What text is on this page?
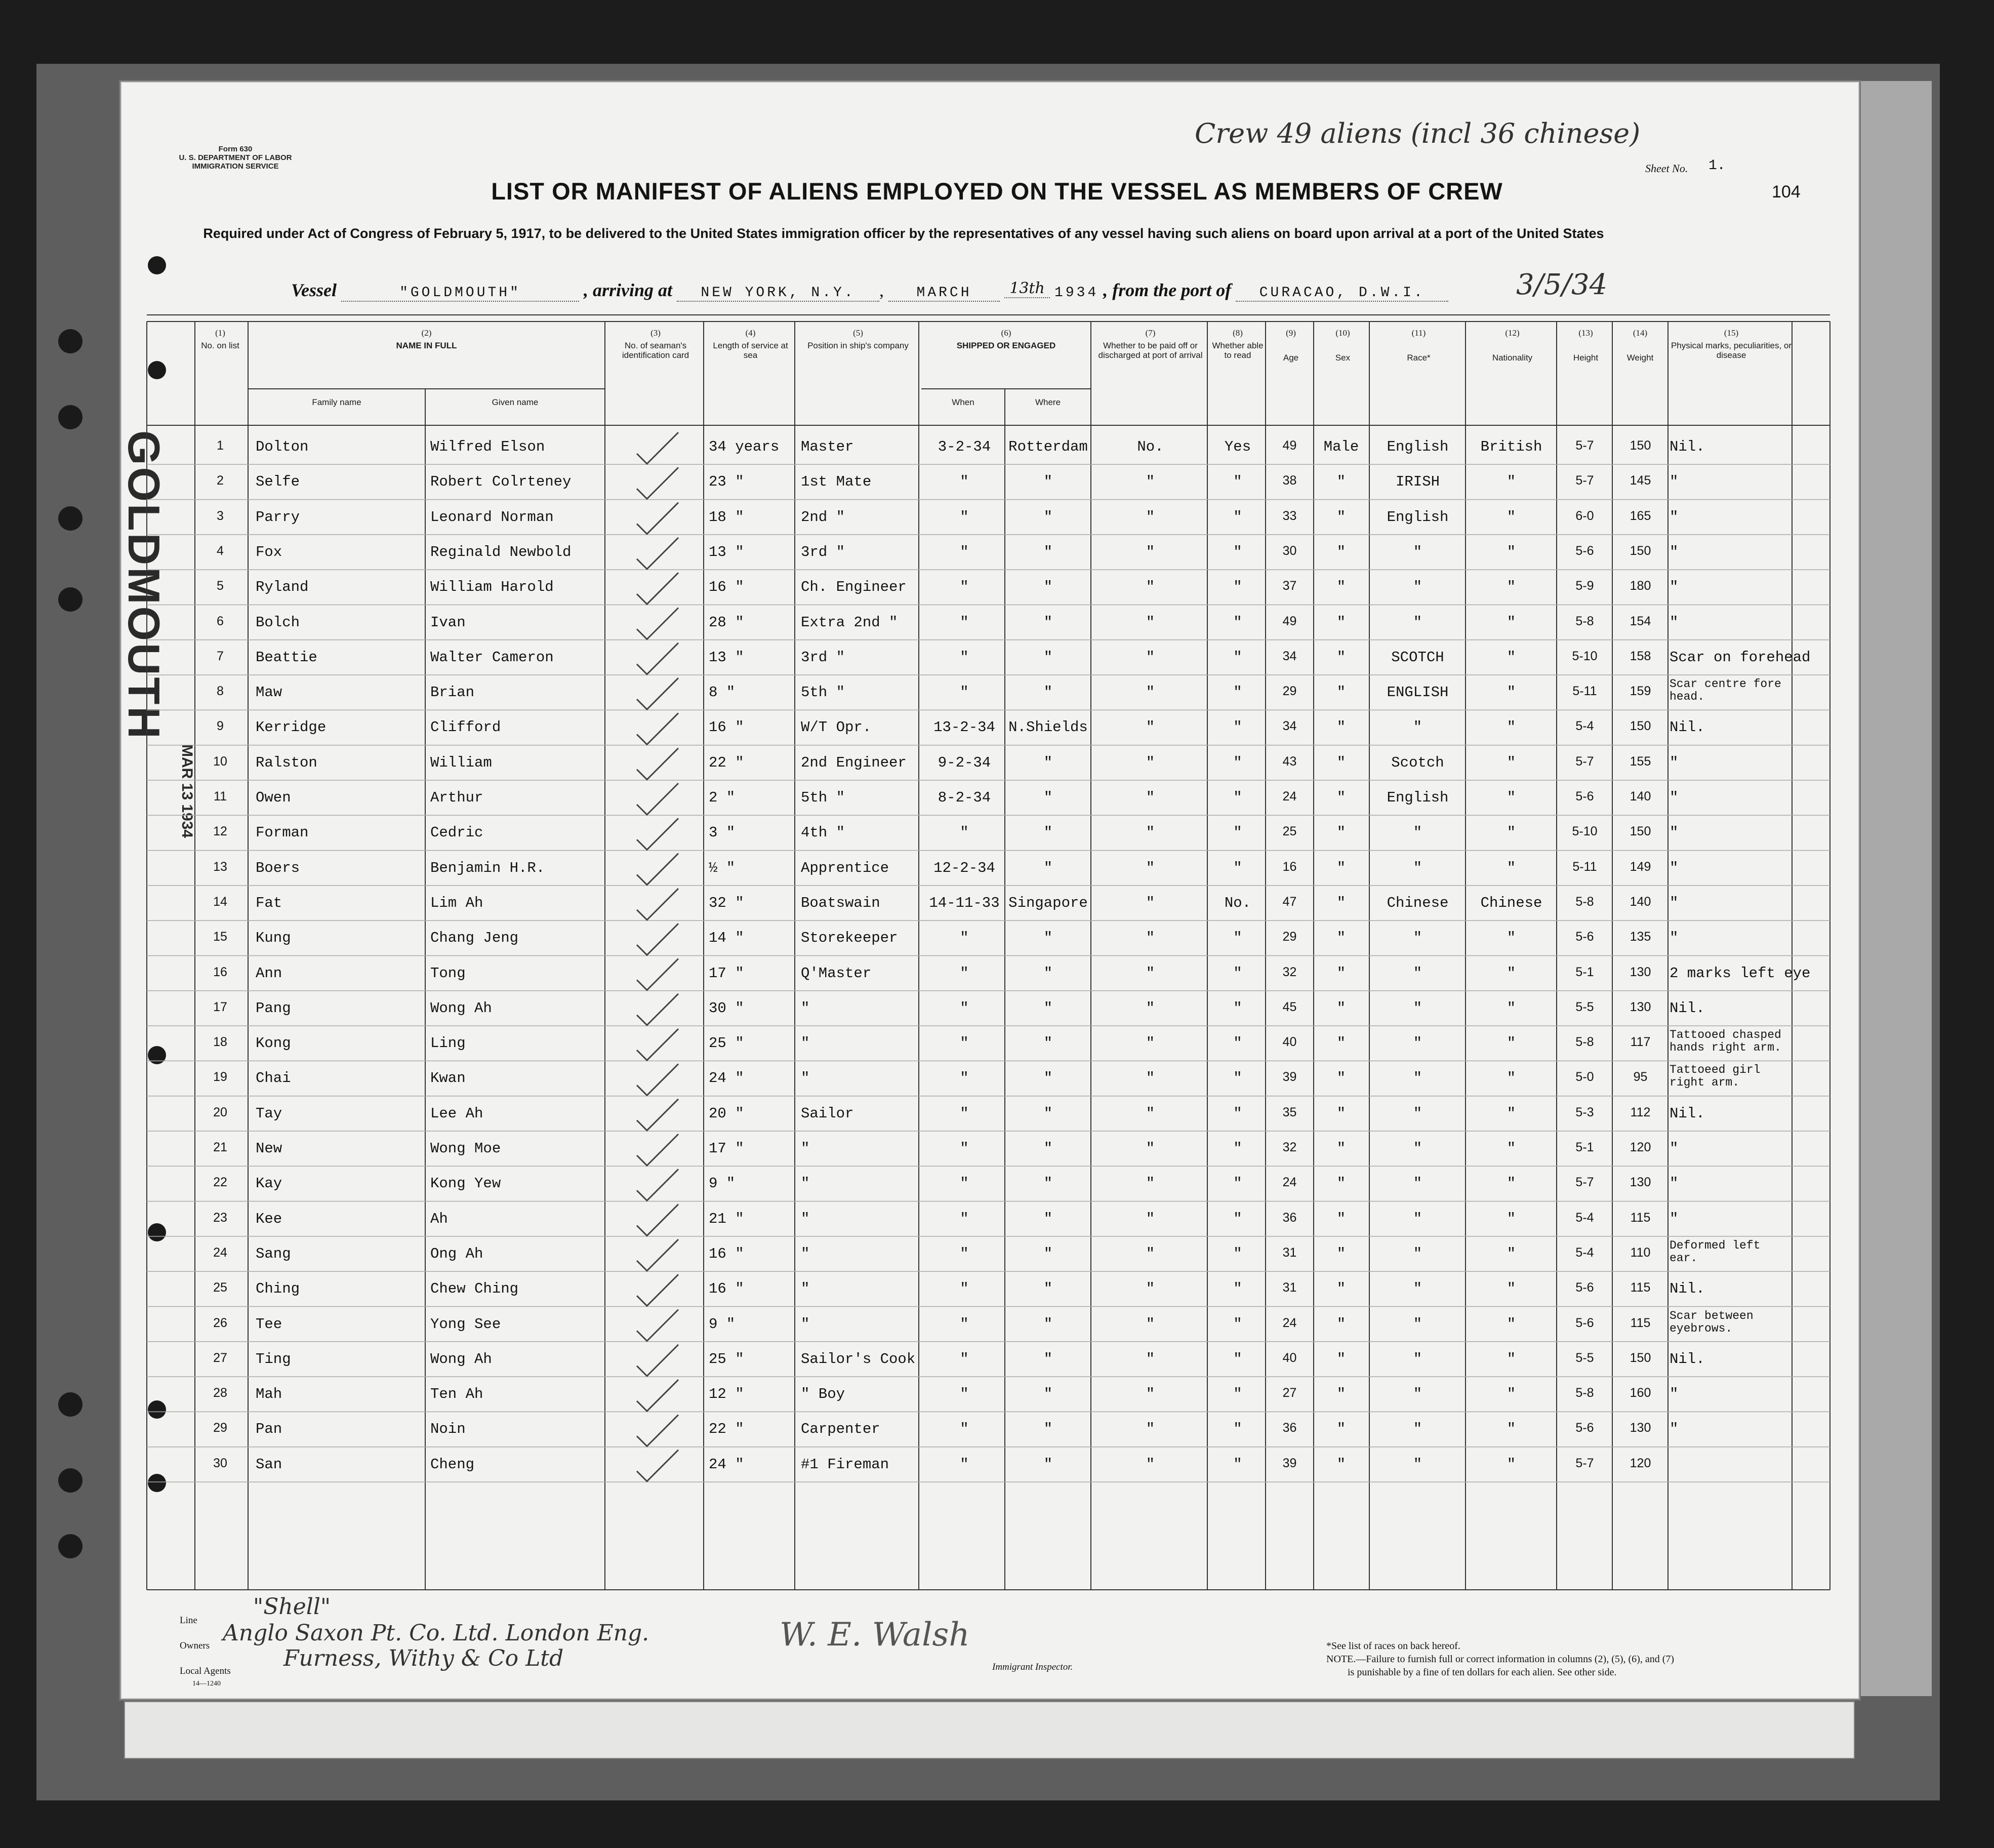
Form 630
U. S. DEPARTMENT OF LABOR
IMMIGRATION SERVICE
Crew 49 aliens (incl 36 chinese)
Sheet No. 1.
104
LIST OR MANIFEST OF ALIENS EMPLOYED ON THE VESSEL AS MEMBERS OF CREW
Required under Act of Congress of February 5, 1917, to be delivered to the United States immigration officer by the representatives of any vessel having such aliens on board upon arrival at a port of the United States
Vessel	"GOLDMOUTH"	, arriving at NEW YORK, N.Y. , MARCH 13th 1934 , from the port of CURACAO, D.W.I.	3/5/34
GOLDMOUTH
MAR 13 1934
(1)
No. on list
(2)
NAME IN FULL
Family name	Given name
(3)
No. of seaman's identification card
(4)
Length of service at sea
(5)
Position in ship's company
(6)
SHIPPED OR ENGAGED
When	Where
(7)
Whether to be paid off or discharged at port of arrival
(8)
Whether able to read
(9)
Age
(10)
Sex
(11)
Race*
(12)
Nationality
(13)
Height
(14)
Weight
(15)
Physical marks, peculiarities, or disease
1	Dolton	Wilfred Elson	34 years	Master	3-2-34	Rotterdam	No.	Yes	49	Male	English	British	5-7	150	Nil.
2	Selfe	Robert Colrteney	23 "	1st Mate	"	"	"	"	38	"	IRISH	"	5-7	145	"
3	Parry	Leonard Norman	18 "	2nd "	"	"	"	"	33	"	English	"	6-0	165	"
4	Fox	Reginald Newbold	13 "	3rd "	"	"	"	"	30	"	"	"	5-6	150	"
5	Ryland	William Harold	16 "	Ch. Engineer	"	"	"	"	37	"	"	"	5-9	180	"
6	Bolch	Ivan	28 "	Extra 2nd "	"	"	"	"	49	"	"	"	5-8	154	"
7	Beattie	Walter Cameron	13 "	3rd "	"	"	"	"	34	"	SCOTCH	"	5-10	158	Scar on forehead
8	Maw	Brian	8 "	5th "	"	"	"	"	29	"	ENGLISH	"	5-11	159	Scar centre fore head.
9	Kerridge	Clifford	16 "	W/T Opr.	13-2-34 N.Shields	"	"	34	"	"	"	5-4	150	Nil.
10	Ralston	William	22 "	2nd Engineer	9-2-34	"	"	"	43	"	Scotch	"	5-7	155	"
11	Owen	Arthur	2 "	5th "	8-2-34	"	"	"	24	"	English	"	5-6	140	"
12	Forman	Cedric	3 "	4th "	"	"	"	"	25	"	"	"	5-10	150	"
13	Boers	Benjamin H.R.	½ "	Apprentice	12-2-34	"	"	"	16	"	"	"	5-11	149	"
14	Fat	Lim Ah	32 "	Boatswain	14-11-33 Singapore	"	No.	47	"	Chinese	Chinese	5-8	140	"
15	Kung	Chang Jeng	14 "	Storekeeper	"	"	"	"	29	"	"	"	5-6	135	"
16	Ann	Tong	17 "	Q'Master	"	"	"	"	32	"	"	"	5-1	130	2 marks left eye
17	Pang	Wong Ah	30 "	"	"	"	"	"	45	"	"	"	5-5	130	Nil.
18	Kong	Ling	25 "	"	"	"	"	"	40	"	"	"	5-8	117	Tattooed chasped hands right arm.
19	Chai	Kwan	24 "	"	"	"	"	"	39	"	"	"	5-0	95	Tattoeed girl right arm.
20	Tay	Lee Ah	20 "	Sailor	"	"	"	"	35	"	"	"	5-3	112	Nil.
21	New	Wong Moe	17 "	"	"	"	"	"	32	"	"	"	5-1	120	"
22	Kay	Kong Yew	9 "	"	"	"	"	"	24	"	"	"	5-7	130	"
23	Kee	Ah	21 "	"	"	"	"	"	36	"	"	"	5-4	115	"
24	Sang	Ong Ah	16 "	"	"	"	"	"	31	"	"	"	5-4	110	Deformed left ear.
25	Ching	Chew Ching	16 "	"	"	"	"	"	31	"	"	"	5-6	115	Nil.
26	Tee	Yong See	9 "	"	"	"	"	"	24	"	"	"	5-6	115	Scar between eyebrows.
27	Ting	Wong Ah	25 "	Sailor's Cook	"	"	"	"	40	"	"	"	5-5	150	Nil.
28	Mah	Ten Ah	12 "	" Boy	"	"	"	"	27	"	"	"	5-8	160	"
29	Pan	Noin	22 "	Carpenter	"	"	"	"	36	"	"	"	5-6	130	"
30	San	Cheng	24 "	#1 Fireman	"	"	"	"	39	"	"	"	5-7	120
Line
"Shell"
Owners Anglo Saxon Pt. Co. Ltd. London Eng.
Local Agents Furness, Withy & Co Ltd
14—1240
W. E. Walsh
Immigrant Inspector.
*See list of races on back hereof.
NOTE.—Failure to furnish full or correct information in columns (2), (5), (6), and (7)
is punishable by a fine of ten dollars for each alien. See other side.
